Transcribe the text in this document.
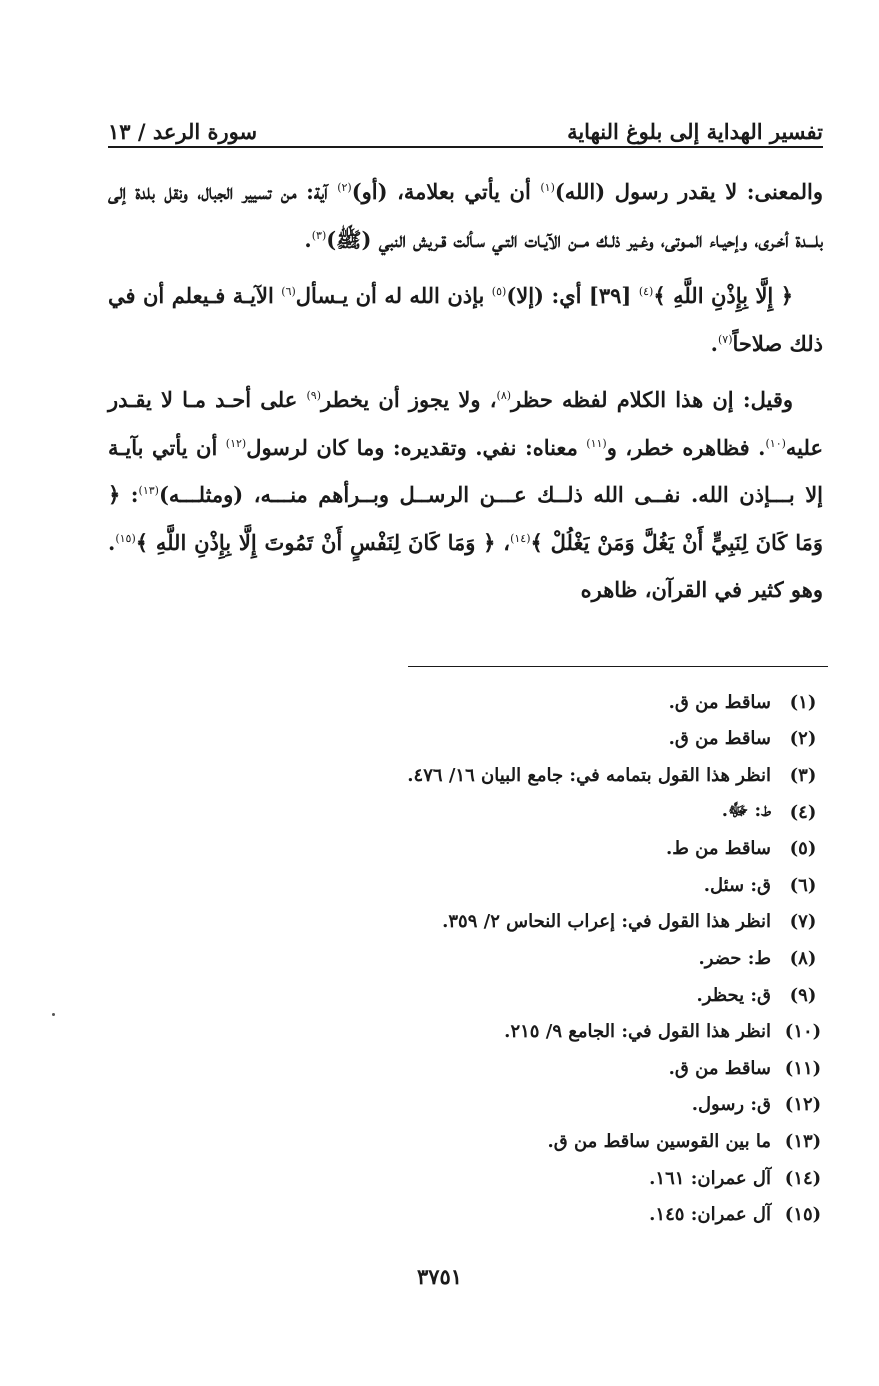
تفسير الهداية إلى بلوغ النهاية
سورة الرعد / ١٣

والمعنى: لا يقدر رسول (الله)$^{(١)}$ أن يأتي بعلامة، (أو)$^{(٢)}$ آية: من تسيير الجبال، ونقل بلدة إلى بلـــدة أخـرى، وإحيـاء المـوتى، وغـير ذلـك مــن الآيـات التـي سـألت قـريش النبي (ﷺ)$^{(٣)}$.

﴿ إِلَّا بِإِذْنِ اللَّهِ ﴾$^{(٤)}$ [٣٩] أي: (إلا)$^{(٥)}$ بإذن الله له أن يـسأل$^{(٦)}$ الآيـة فـيعلم أن في ذلك صلاحاً$^{(٧)}$.

وقيل: إن هذا الكلام لفظه حظر$^{(٨)}$، ولا يجوز أن يخطر$^{(٩)}$ على أحـد مـا لا يقـدر عليه$^{(١٠)}$. فظاهره خطر، و$^{(١١)}$ معناه: نفي. وتقديره: وما كان لرسول$^{(١٢)}$ أن يأتي بآيـة إلا بـــإذن الله. نفــى الله ذلــك عـــن الرســل وبــرأهم منـــه، (ومثلـــه)$^{(١٣)}$: ﴿ وَمَا كَانَ لِنَبِيٍّ أَنْ يَغُلَّ وَمَنْ يَغْلُلْ ﴾$^{(١٤)}$، ﴿ وَمَا كَانَ لِنَفْسٍ أَنْ تَمُوتَ إِلَّا بِإِذْنِ اللَّهِ ﴾$^{(١٥)}$. وهو كثير في القرآن، ظاهره

(١)
ساقط من ق.
(٢)
ساقط من ق.
(٣)
انظر هذا القول بتمامه في: جامع البيان ١٦/ ٤٧٦.
(٤)
ط: ﷻ.
(٥)
ساقط من ط.
(٦)
ق: سئل.
(٧)
انظر هذا القول في: إعراب النحاس ٢/ ٣٥٩.
(٨)
ط: حضر.
(٩)
ق: يحظر.
(١٠)
انظر هذا القول في: الجامع ٩/ ٢١٥.
(١١)
ساقط من ق.
(١٢)
ق: رسول.
(١٣)
ما بين القوسين ساقط من ق.
(١٤)
آل عمران: ١٦١.
(١٥)
آل عمران: ١٤٥.
٣٧٥١
